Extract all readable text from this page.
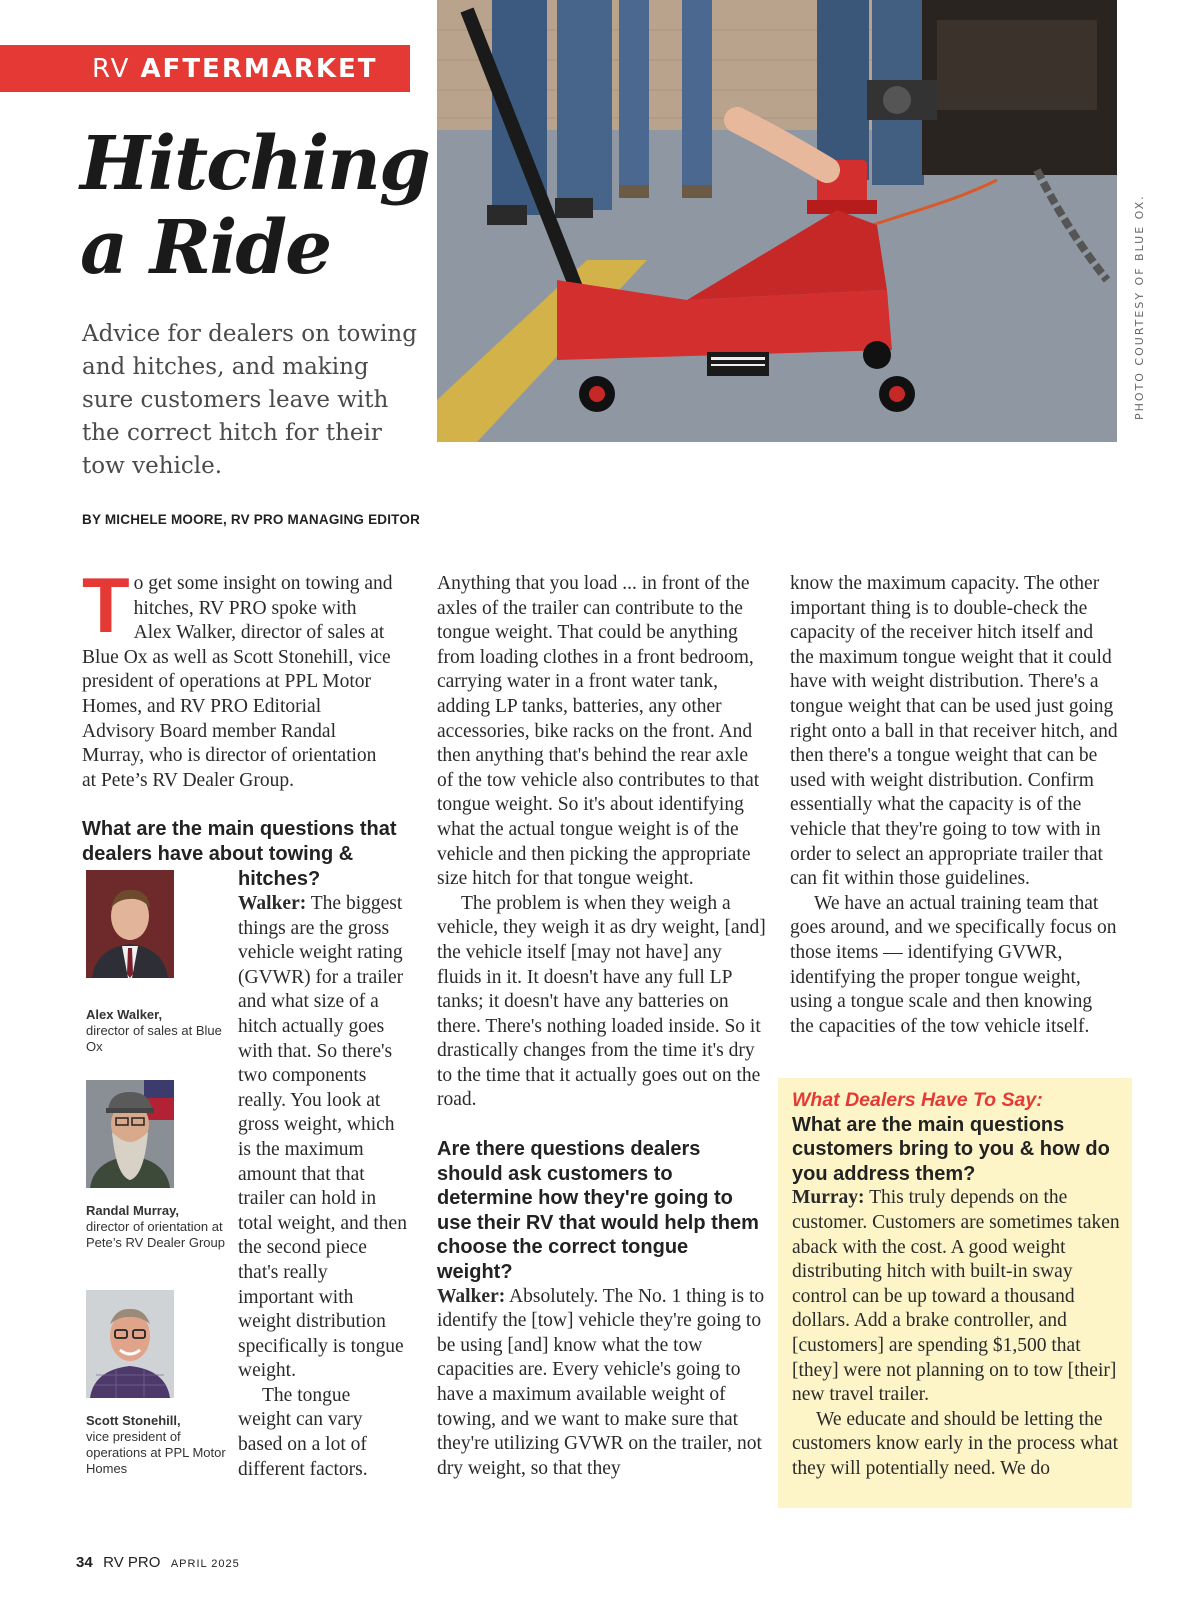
RV AFTERMARKET
Hitching
a Ride

Advice for dealers on towing and hitches, and making sure customers leave with the correct hitch for their tow vehicle.

BY MICHELE MOORE, RV PRO MANAGING EDITOR
PHOTO COURTESY OF BLUE OX.
T o get some insight on towing and hitches, RV PRO spoke with Alex Walker, director of sales at Blue Ox as well as Scott Stonehill, vice president of operations at PPL Motor Homes, and RV PRO Editorial Advisory Board member Randal Murray, who is director of orientation at Pete’s RV Dealer Group.
What are the main questions that dealers have about towing &
hitches?

Walker: The biggest things are the gross vehicle weight rating (GVWR) for a trailer and what size of a hitch actually goes with that. So there's two components really. You look at gross weight, which is the maximum amount that that trailer can hold in total weight, and then the second piece that's really important with weight distribution specifically is tongue weight.

The tongue weight can vary based on a lot of different factors.

Alex Walker,
director of sales at Blue Ox
Randal Murray,
director of orientation at Pete’s RV Dealer Group
Scott Stonehill,
vice president of operations at PPL Motor Homes

Anything that you load ... in front of the axles of the trailer can contribute to the tongue weight. That could be anything from loading clothes in a front bedroom, carrying water in a front water tank, adding LP tanks, batteries, any other accessories, bike racks on the front. And then anything that's behind the rear axle of the tow vehicle also contributes to that tongue weight. So it's about identifying what the actual tongue weight is of the vehicle and then picking the appropriate size hitch for that tongue weight.

The problem is when they weigh a vehicle, they weigh it as dry weight, [and] the vehicle itself [may not have] any fluids in it. It doesn't have any full LP tanks; it doesn't have any batteries on there. There's nothing loaded inside. So it drastically changes from the time it's dry to the time that it actually goes out on the road.

Are there questions dealers should ask customers to determine how they're going to use their RV that would help them choose the correct tongue weight?

Walker: Absolutely. The No. 1 thing is to identify the [tow] vehicle they're going to be using [and] know what the tow capacities are. Every vehicle's going to have a maximum available weight of towing, and we want to make sure that they're utilizing GVWR on the trailer, not dry weight, so that they

know the maximum capacity. The other important thing is to double-check the capacity of the receiver hitch itself and the maximum tongue weight that it could have with weight distribution. There's a tongue weight that can be used just going right onto a ball in that receiver hitch, and then there's a tongue weight that can be used with weight distribution. Confirm essentially what the capacity is of the vehicle that they're going to tow with in order to select an appropriate trailer that can fit within those guidelines.

We have an actual training team that goes around, and we specifically focus on those items — identifying GVWR, identifying the proper tongue weight, using a tongue scale and then knowing the capacities of the tow vehicle itself.

What Dealers Have To Say:
What are the main questions customers bring to you & how do you address them?

Murray: This truly depends on the customer. Customers are sometimes taken aback with the cost. A good weight distributing hitch with built-in sway control can be up toward a thousand dollars. Add a brake controller, and [customers] are spending $1,500 that [they] were not planning on to tow [their] new travel trailer.

We educate and should be letting the customers know early in the process what they will potentially need. We do

34 RV PRO APRIL 2025
